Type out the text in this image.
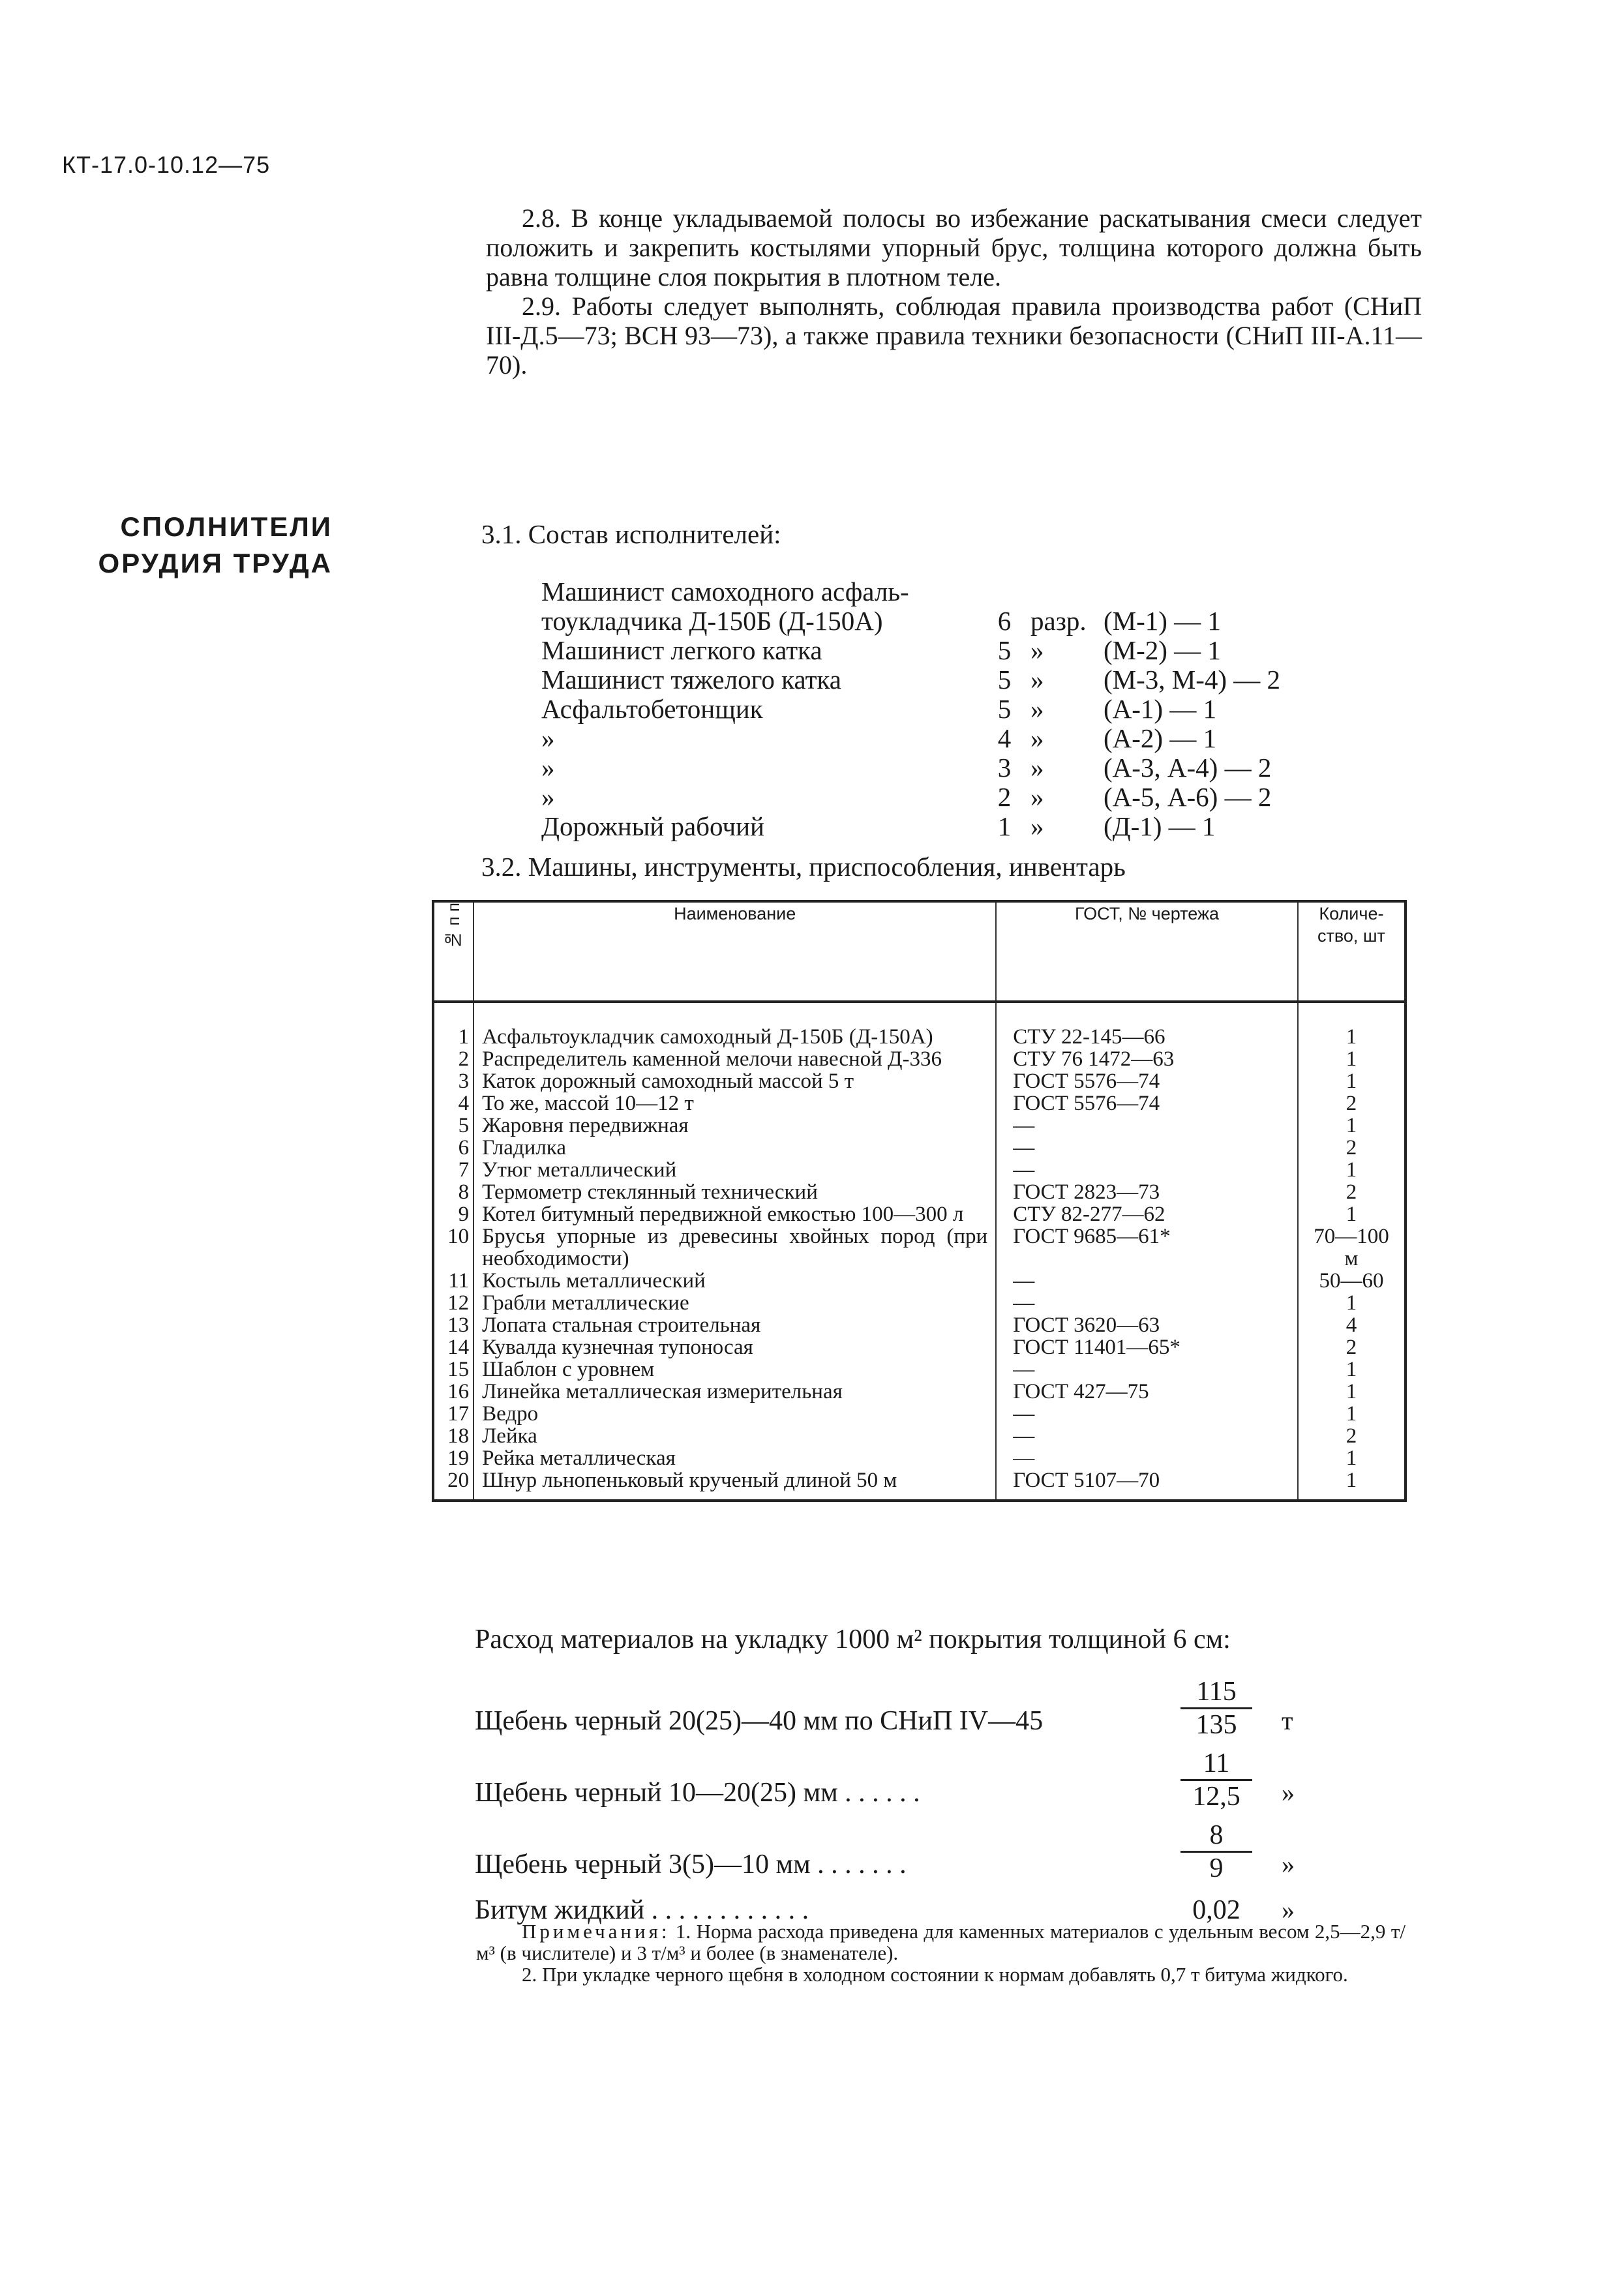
КТ-17.0-10.12—75

2.8. В конце укладываемой полосы во избежание раскатывания смеси следует положить и закрепить костылями упорный брус, толщина которого должна быть равна толщине слоя покрытия в плотном теле.

2.9. Работы следует выполнять, соблюдая правила производства работ (СНиП III-Д.5—73; ВСН 93—73), а также правила техники безопасности (СНиП III-А.11—70).

СПОЛНИТЕЛИ
ОРУДИЯ ТРУДА
3.1. Состав исполнителей:
Машинист самоходного асфаль-
тоукладчика Д-150Б (Д-150А)	6 разр. (М-1) — 1
Машинист легкого катка	5 » (М-2) — 1
Машинист тяжелого катка	5 » (М-3, М-4) — 2
Асфальтобетонщик	5 » (А-1) — 1
»	4 » (А-2) — 1
»	3 » (А-3, А-4) — 2
»	2 » (А-5, А-6) — 2
Дорожный рабочий	1 » (Д-1) — 1
3.2. Машины, инструменты, приспособления, инвентарь
№ п п	Наименование	ГОСТ, № чертежа	Количе-ство, шт
1	Асфальтоукладчик самоходный Д-150Б (Д-150А)	СТУ 22-145—66	1
2	Распределитель каменной мелочи навесной Д-336	СТУ 76 1472—63	1
3	Каток дорожный самоходный массой 5 т	ГОСТ 5576—74	1
4	То же, массой 10—12 т	ГОСТ 5576—74	2
5	Жаровня передвижная	—	1
6	Гладилка	—	2
7	Утюг металлический	—	1
8	Термометр стеклянный технический	ГОСТ 2823—73	2
9	Котел битумный передвижной емкостью 100—300 л	СТУ 82-277—62	1
10	Брусья упорные из древесины хвойных пород (при необходимости)	ГОСТ 9685—61*	70—100 м
11	Костыль металлический	—	50—60
12	Грабли металлические	—	1
13	Лопата стальная строительная	ГОСТ 3620—63	4
14	Кувалда кузнечная тупоносая	ГОСТ 11401—65*	2
15	Шаблон с уровнем	—	1
16	Линейка металлическая измерительная	ГОСТ 427—75	1
17	Ведро	—	1
18	Лейка	—	2
19	Рейка металлическая	—	1
20	Шнур льнопеньковый крученый длиной 50 м	ГОСТ 5107—70	1
Расход материалов на укладку 1000 м² покрытия толщиной 6 см:
Щебень черный 20(25)—40 мм по СНиП IV—45	$\frac{115}{135}$ т
Щебень черный 10—20(25) мм . . . . . .	$\frac{11}{12,5}$ »
Щебень черный 3(5)—10 мм . . . . . . .	$\frac{8}{9}$ »
Битум жидкий . . . . . . . . . . . .	0,02	»

Примечания: 1. Норма расхода приведена для каменных материалов с удельным весом 2,5—2,9 т/м³ (в числителе) и 3 т/м³ и более (в знаменателе).

2. При укладке черного щебня в холодном состоянии к нормам добавлять 0,7 т битума жидкого.
